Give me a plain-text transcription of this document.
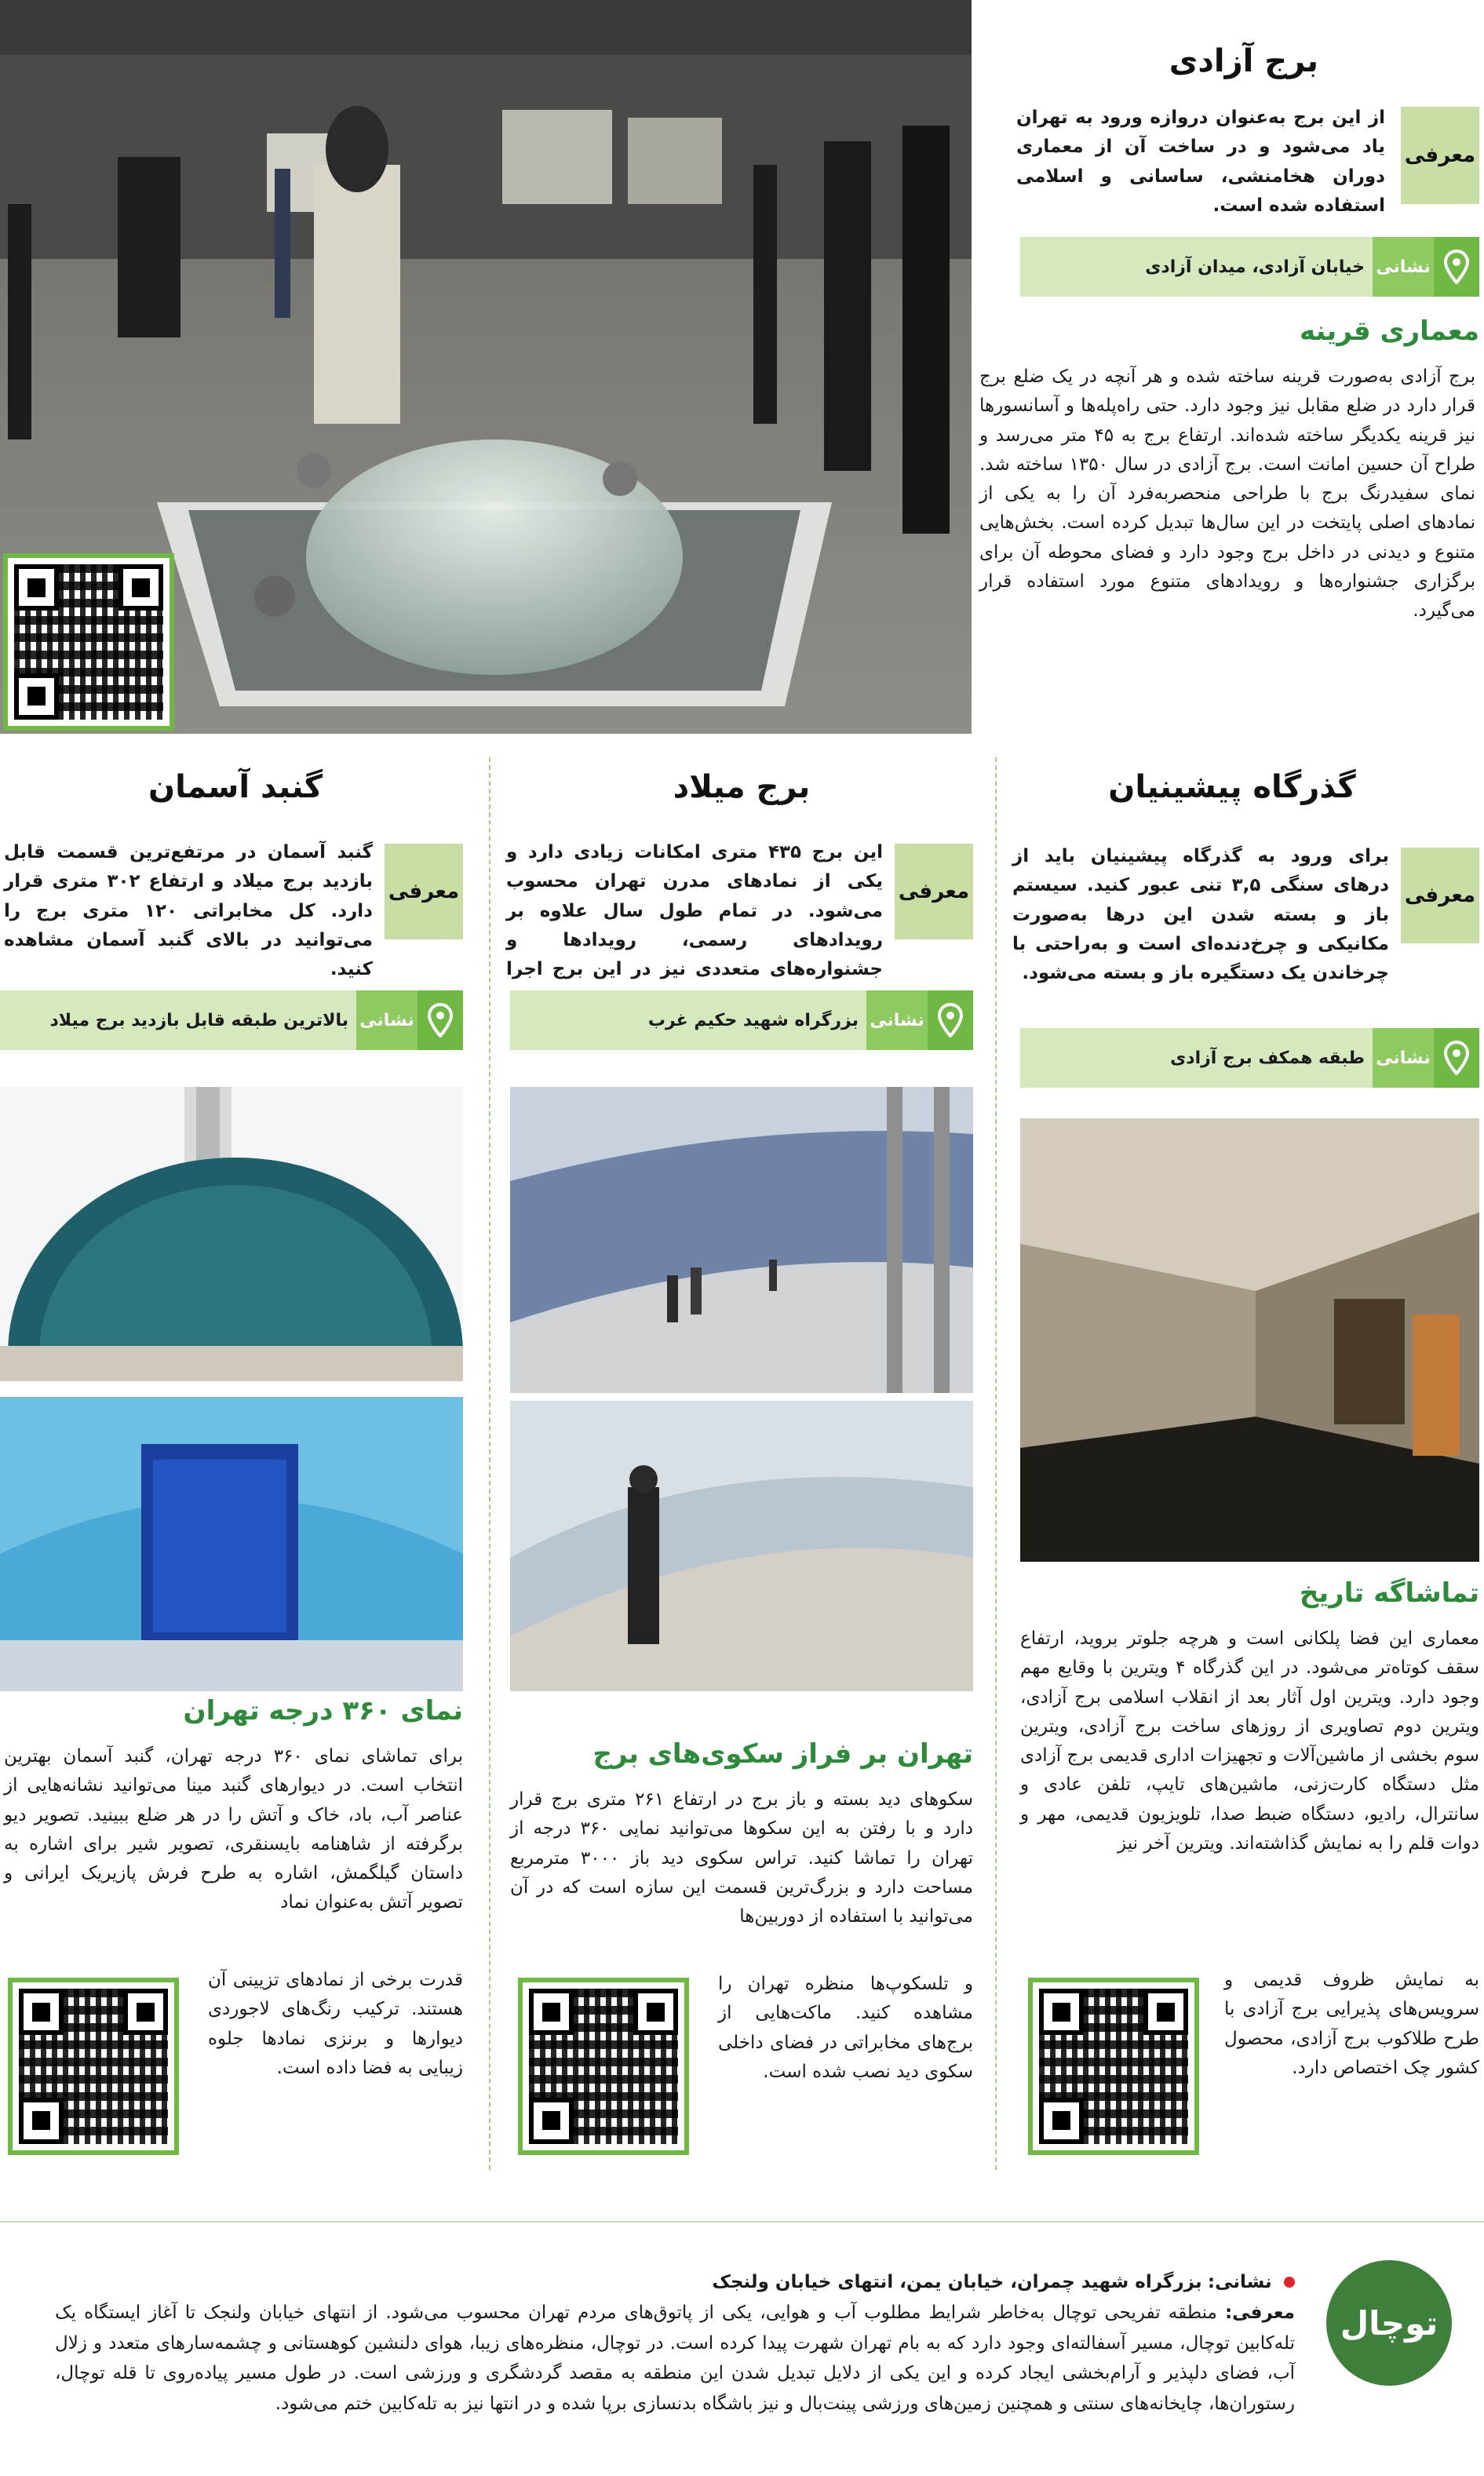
برج آزادی
معرفی
از این برج به‌عنوان دروازه ورود به تهران یاد می‌شود و در ساخت آن از معماری دوران هخامنشی، ساسانی و اسلامی استفاده شده است.
نشانی
خیابان آزادی، میدان آزادی
معماری قرینه
برج آزادی به‌صورت قرینه ساخته شده و هر آنچه در یک ضلع برج قرار دارد در ضلع مقابل نیز وجود دارد. حتی راه‌پله‌ها و آسانسورها نیز قرینه یکدیگر ساخته شده‌اند. ارتفاع برج به ۴۵ متر می‌رسد و طراح آن حسین امانت است. برج آزادی در سال ۱۳۵۰ ساخته شد. نمای سفیدرنگ برج با طراحی منحصربه‌فرد آن را به یکی از نمادهای اصلی پایتخت در این سال‌ها تبدیل کرده است. بخش‌هایی متنوع و دیدنی در داخل برج وجود دارد و فضای محوطه آن برای برگزاری جشنواره‌ها و رویدادهای متنوع مورد استفاده قرار می‌گیرد.
گذرگاه پیشینیان
معرفی
برای ورود به گذرگاه پیشینیان باید از درهای سنگی ۳,۵ تنی عبور کنید. سیستم باز و بسته شدن این درها به‌صورت مکانیکی و چرخ‌دنده‌ای است و به‌راحتی با چرخاندن یک دستگیره باز و بسته می‌شود.
نشانی
طبقه همکف برج آزادی
تماشاگه تاریخ
معماری این فضا پلکانی است و هرچه جلوتر بروید، ارتفاع سقف کوتاه‌تر می‌شود. در این گذرگاه ۴ ویترین با وقایع مهم وجود دارد. ویترین اول آثار بعد از انقلاب اسلامی برج آزادی، ویترین دوم تصاویری از روزهای ساخت برج آزادی، ویترین سوم بخشی از ماشین‌آلات و تجهیزات اداری قدیمی برج آزادی مثل دستگاه کارت‌زنی، ماشین‌های تایپ، تلفن عادی و سانترال، رادیو، دستگاه ضبط صدا، تلویزیون قدیمی، مهر و دوات قلم را به نمایش گذاشته‌اند. ویترین آخر نیز
به نمایش ظروف قدیمی و سرویس‌های پذیرایی برج آزادی با طرح طلاکوب برج آزادی، محصول کشور چک اختصاص دارد.
برج میلاد
معرفی
این برج ۴۳۵ متری امکانات زیادی دارد و یکی از نمادهای مدرن تهران محسوب می‌شود. در تمام طول سال علاوه بر رویدادهای رسمی، رویدادها و جشنواره‌های متعددی نیز در این برج اجرا
نشانی
بزرگراه شهید حکیم غرب
تهران بر فراز سکوی‌های برج
سکوهای دید بسته و باز برج در ارتفاع ۲۶۱ متری برج قرار دارد و با رفتن به این سکوها می‌توانید نمایی ۳۶۰ درجه از تهران را تماشا کنید. تراس سکوی دید باز ۳۰۰۰ مترمربع مساحت دارد و بزرگ‌ترین قسمت این سازه است که در آن می‌توانید با استفاده از دوربین‌ها
و تلسکوپ‌ها منظره تهران را مشاهده کنید. ماکت‌هایی از برج‌های مخابراتی در فضای داخلی سکوی دید نصب شده است.
گنبد آسمان
معرفی
گنبد آسمان در مرتفع‌ترین قسمت قابل بازدید برج میلاد و ارتفاع ۳۰۲ متری قرار دارد. کل مخابراتی ۱۲۰ متری برج را می‌توانید در بالای گنبد آسمان مشاهده کنید.
نشانی
بالاترین طبقه قابل بازدید برج میلاد
نمای ۳۶۰ درجه تهران
برای تماشای نمای ۳۶۰ درجه تهران، گنبد آسمان بهترین انتخاب است. در دیوارهای گنبد مینا می‌توانید نشانه‌هایی از عناصر آب، باد، خاک و آتش را در هر ضلع ببینید. تصویر دیو برگرفته از شاهنامه بایسنقری، تصویر شیر برای اشاره به داستان گیلگمش، اشاره به طرح فرش پازیریک ایرانی و تصویر آتش به‌عنوان نماد
قدرت برخی از نمادهای تزیینی آن هستند. ترکیب رنگ‌های لاجوردی دیوارها و برنزی نمادها جلوه زیبایی به فضا داده است.
توچال
نشانی: بزرگراه شهید چمران، خیابان یمن، انتهای خیابان ولنجک
معرفی: منطقه تفریحی توچال به‌خاطر شرایط مطلوب آب و هوایی، یکی از پاتوق‌های مردم تهران محسوب می‌شود. از انتهای خیابان ولنجک تا آغاز ایستگاه یک تله‌کابین توچال، مسیر آسفالته‌ای وجود دارد که به بام تهران شهرت پیدا کرده است. در توچال، منظره‌های زیبا، هوای دلنشین کوهستانی و چشمه‌سارهای متعدد و زلال آب، فضای دلپذیر و آرام‌بخشی ایجاد کرده و این یکی از دلایل تبدیل شدن این منطقه به مقصد گردشگری و ورزشی است. در طول مسیر پیاده‌روی تا قله توچال، رستوران‌ها، چایخانه‌های سنتی و همچنین زمین‌های ورزشی پینت‌بال و نیز باشگاه بدنسازی برپا شده و در انتها نیز به تله‌کابین ختم می‌شود.
